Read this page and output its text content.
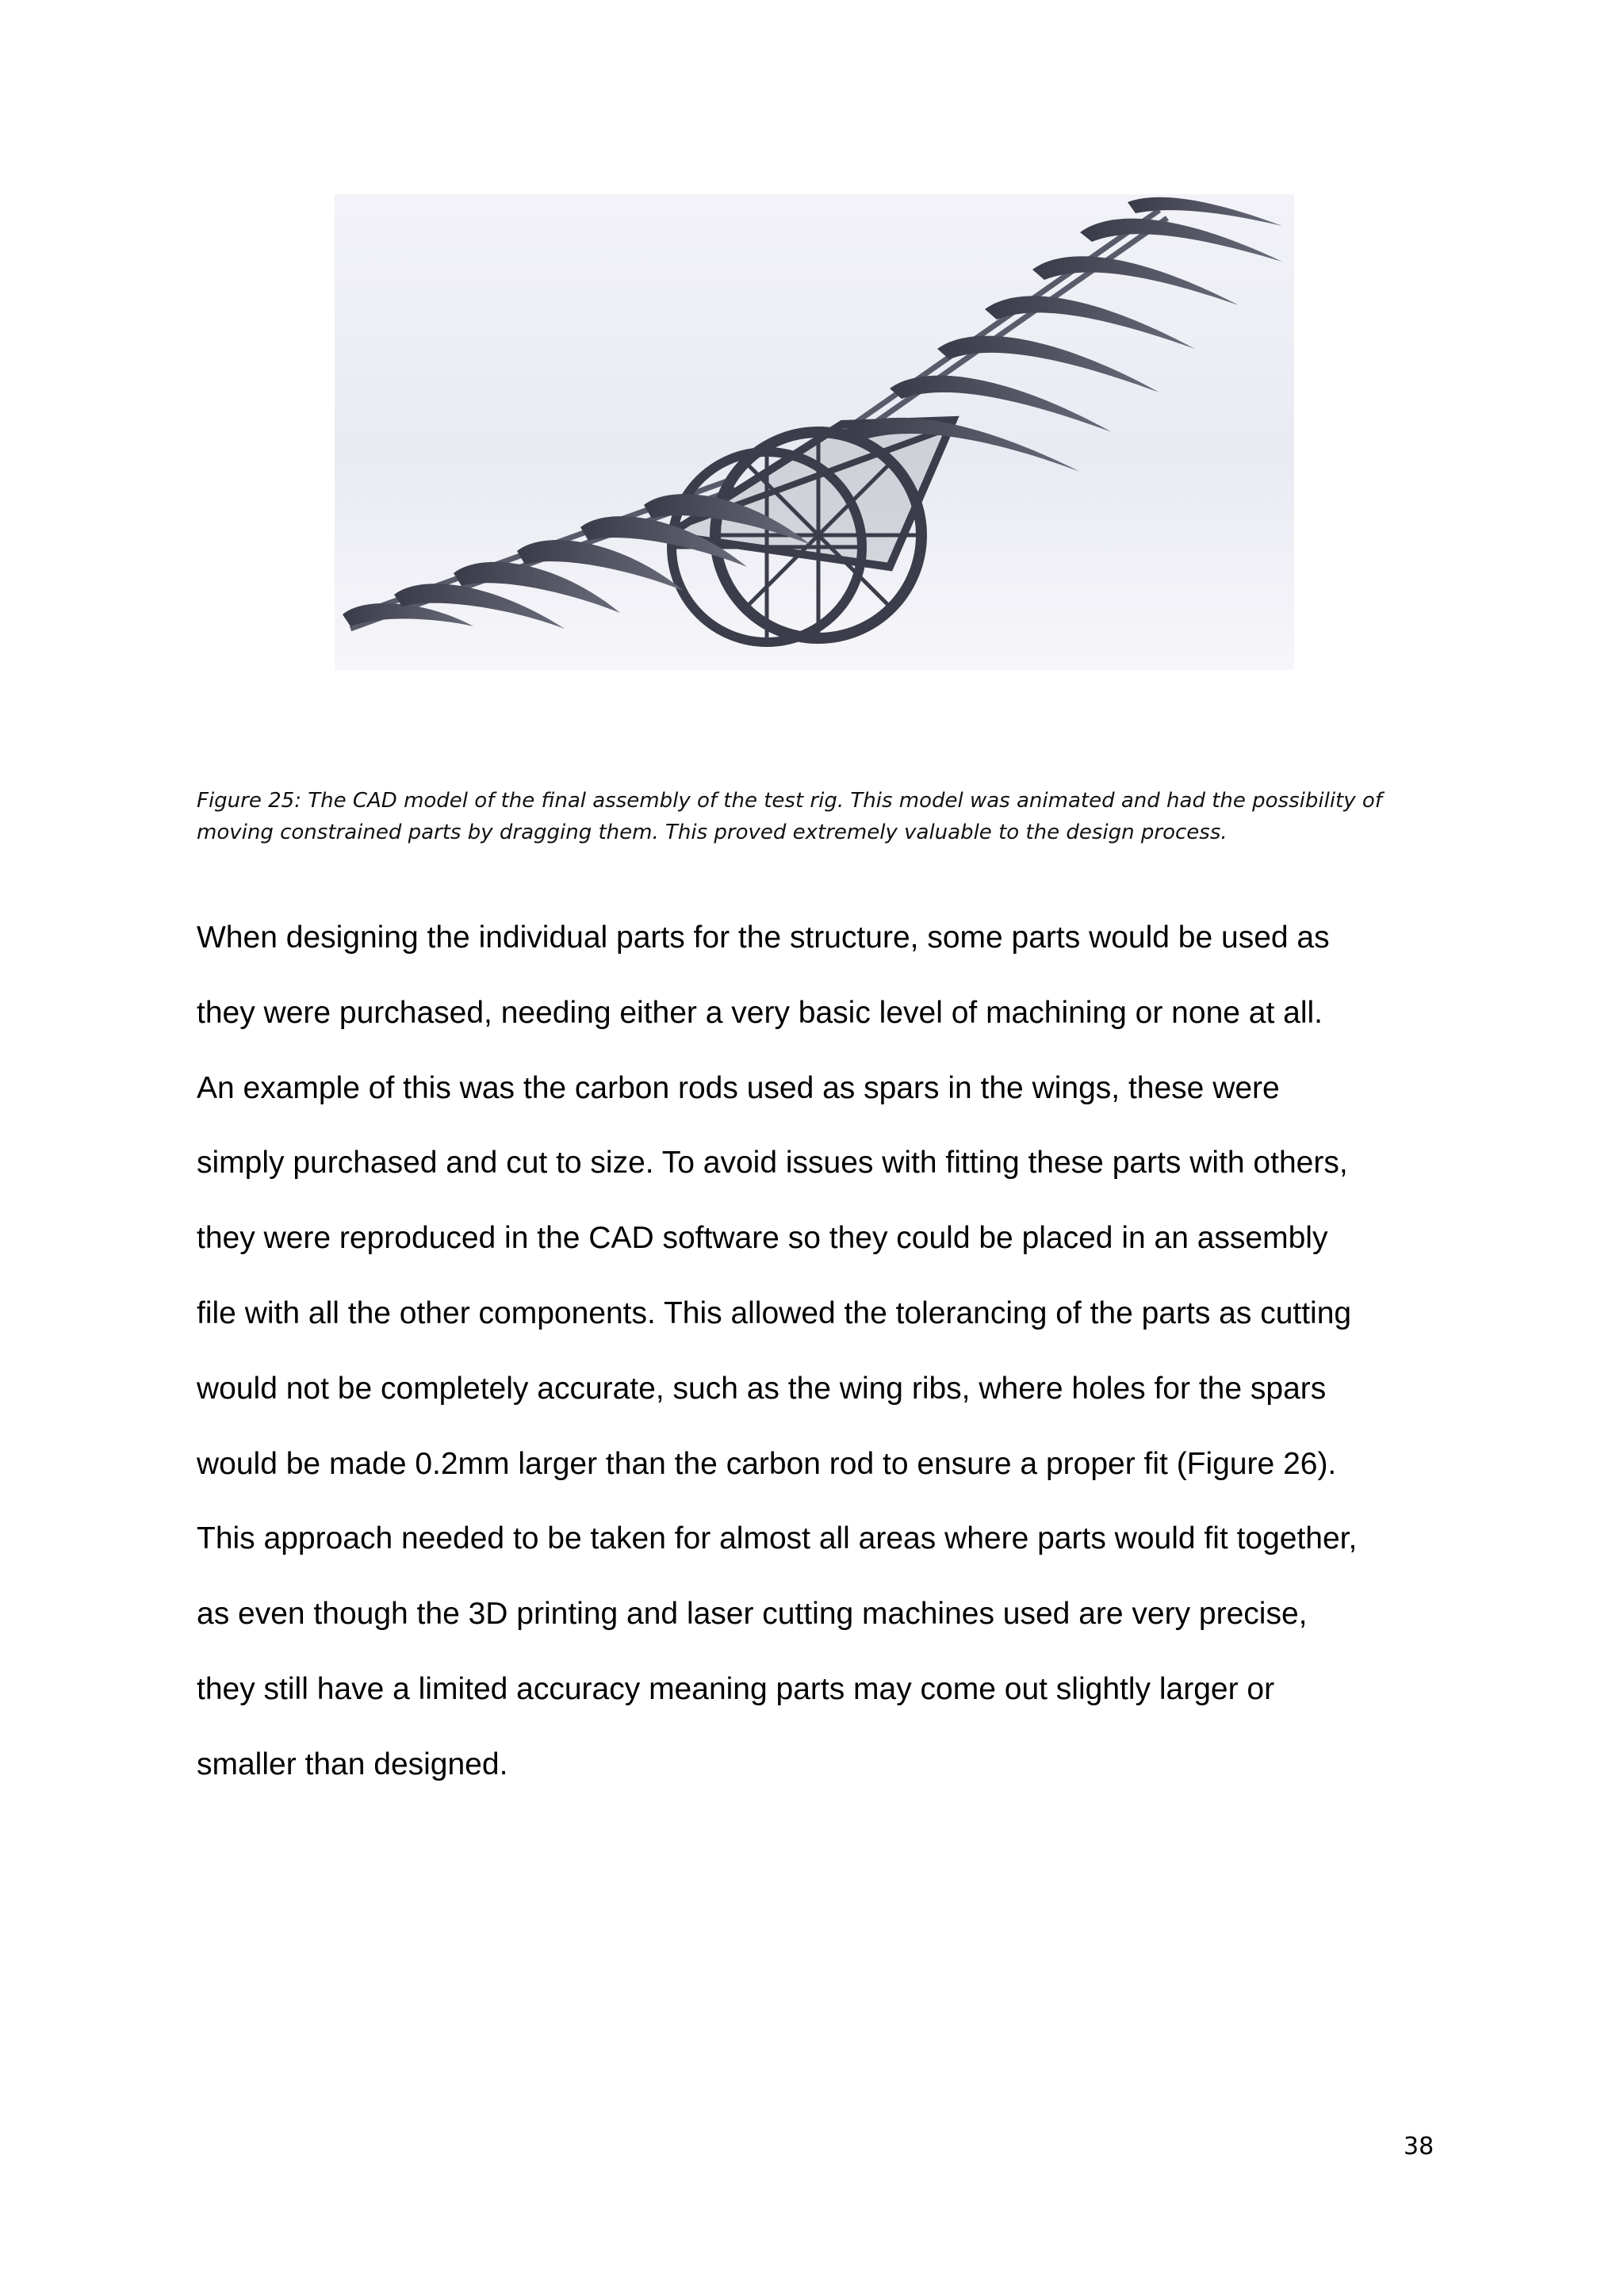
Figure 25: The CAD model of the final assembly of the test rig. This model was animated and had the possibility of
moving constrained parts by dragging them. This proved extremely valuable to the design process.
When designing the individual parts for the structure, some parts would be used as
they were purchased, needing either a very basic level of machining or none at all.
An example of this was the carbon rods used as spars in the wings, these were
simply purchased and cut to size. To avoid issues with fitting these parts with others,
they were reproduced in the CAD software so they could be placed in an assembly
file with all the other components. This allowed the tolerancing of the parts as cutting
would not be completely accurate, such as the wing ribs, where holes for the spars
would be made 0.2mm larger than the carbon rod to ensure a proper fit (Figure 26).
This approach needed to be taken for almost all areas where parts would fit together,
as even though the 3D printing and laser cutting machines used are very precise,
they still have a limited accuracy meaning parts may come out slightly larger or
smaller than designed.
38
